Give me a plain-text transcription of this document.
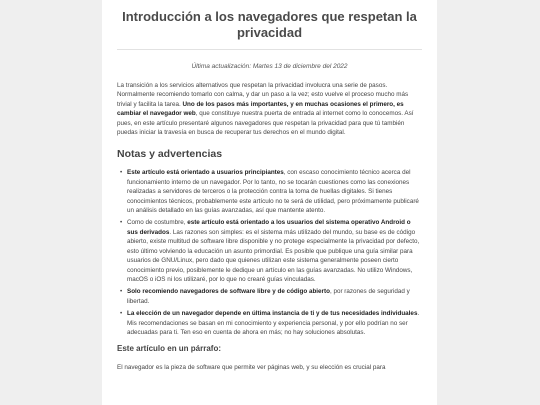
Introducción a los navegadores que respetan la privacidad
Última actualización: Martes 13 de diciembre del 2022

La transición a los servicios alternativos que respetan la privacidad involucra una serie de pasos. Normalmente recomiendo tomarlo con calma, y dar un paso a la vez; esto vuelve el proceso mucho más trivial y facilita la tarea. Uno de los pasos más importantes, y en muchas ocasiones el primero, es cambiar el navegador web, que constituye nuestra puerta de entrada al internet como lo conocemos. Así pues, en este artículo presentaré algunos navegadores que respetan la privacidad para que tú también puedas iniciar la travesía en busca de recuperar tus derechos en el mundo digital.

Notas y advertencias
• Este artículo está orientado a usuarios principiantes, con escaso conocimiento técnico acerca del funcionamiento interno de un navegador. Por lo tanto, no se tocarán cuestiones como las conexiones realizadas a servidores de terceros o la protección contra la toma de huellas digitales. Si tienes conocimientos técnicos, probablemente este artículo no te será de utilidad, pero próximamente publicaré un análisis detallado en las guías avanzadas, así que mantente atento.
• Como de costumbre, este artículo está orientado a los usuarios del sistema operativo Android o sus derivados. Las razones son simples: es el sistema más utilizado del mundo, su base es de código abierto, existe multitud de software libre disponible y no protege especialmente la privacidad por defecto, esto último volviendo la educación un asunto primordial. Es posible que publique una guía similar para usuarios de GNU/Linux, pero dado que quienes utilizan este sistema generalmente poseen cierto conocimiento previo, posiblemente le dedique un artículo en las guías avanzadas. No utilizo Windows, macOS o iOS ni los utilizaré, por lo que no crearé guías vinculadas.
• Solo recomiendo navegadores de software libre y de código abierto, por razones de seguridad y libertad.
• La elección de un navegador depende en última instancia de ti y de tus necesidades individuales. Mis recomendaciones se basan en mi conocimiento y experiencia personal, y por ello podrían no ser adecuadas para ti. Ten eso en cuenta de ahora en más; no hay soluciones absolutas.
Este artículo en un párrafo:

El navegador es la pieza de software que permite ver páginas web, y su elección es crucial para
